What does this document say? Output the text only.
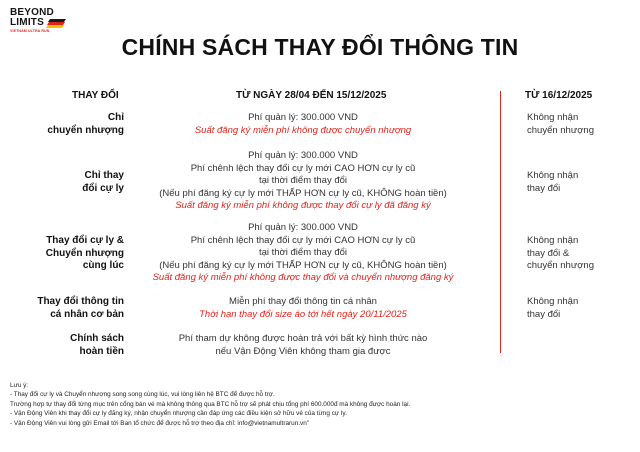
BEYOND
LIMITS
VIETNAM ULTRA RUN
CHÍNH SÁCH THAY ĐỔI THÔNG TIN
THAY ĐỔI	TỪ NGÀY 28/04 ĐẾN 15/12/2025	TỪ 16/12/2025
Chỉ
chuyển nhượng
Phí quản lý: 300.000 VND
Suất đăng ký miễn phí không được chuyển nhượng
Không nhận
chuyển nhượng
Chỉ thay
đổi cự ly
Phí quản lý: 300.000 VND
Phí chênh lệch thay đổi cự ly mới CAO HƠN cự ly cũ
tại thời điểm thay đổi
(Nếu phí đăng ký cự ly mới THẤP HƠN cự ly cũ, KHÔNG hoàn tiền)
Suất đăng ký miễn phí không được thay đổi cự ly đã đăng ký
Không nhận
thay đổi
Thay đổi cự ly &
Chuyển nhượng
cùng lúc
Phí quản lý: 300.000 VND
Phí chênh lệch thay đổi cự ly mới CAO HƠN cự ly cũ
tại thời điểm thay đổi
(Nếu phí đăng ký cự ly mới THẤP HƠN cự ly cũ, KHÔNG hoàn tiền)
Suất đăng ký miễn phí không được thay đổi và chuyển nhượng đăng ký
Không nhận
thay đổi &
chuyển nhượng
Thay đổi thông tin
cá nhân cơ bản
Miễn phí thay đổi thông tin cá nhân
Thời hạn thay đổi size áo tới hết ngày 20/11/2025
Không nhận
thay đổi
Chính sách
hoàn tiền
Phí tham dự không được hoàn trả với bất kỳ hình thức nào
nếu Vận Động Viên không tham gia được
Lưu ý:
- Thay đổi cự ly và Chuyển nhượng song song cùng lúc, vui lòng liên hệ BTC để được hỗ trợ.
Trường hợp tự thay đổi từng mục trên cổng bán vé mà không thông qua BTC hỗ trợ sẽ phát chịu tổng phí 600.000đ mà không được hoàn lại.
- Vận Động Viên khi thay đổi cự ly đăng ký, nhận chuyển nhượng cần đáp ứng các điều kiện sở hữu vé của từng cự ly.
- Vận Động Viên vui lòng gửi Email tới Ban tổ chức để được hỗ trợ theo địa chỉ: info@vietnamultrarun.vn”
